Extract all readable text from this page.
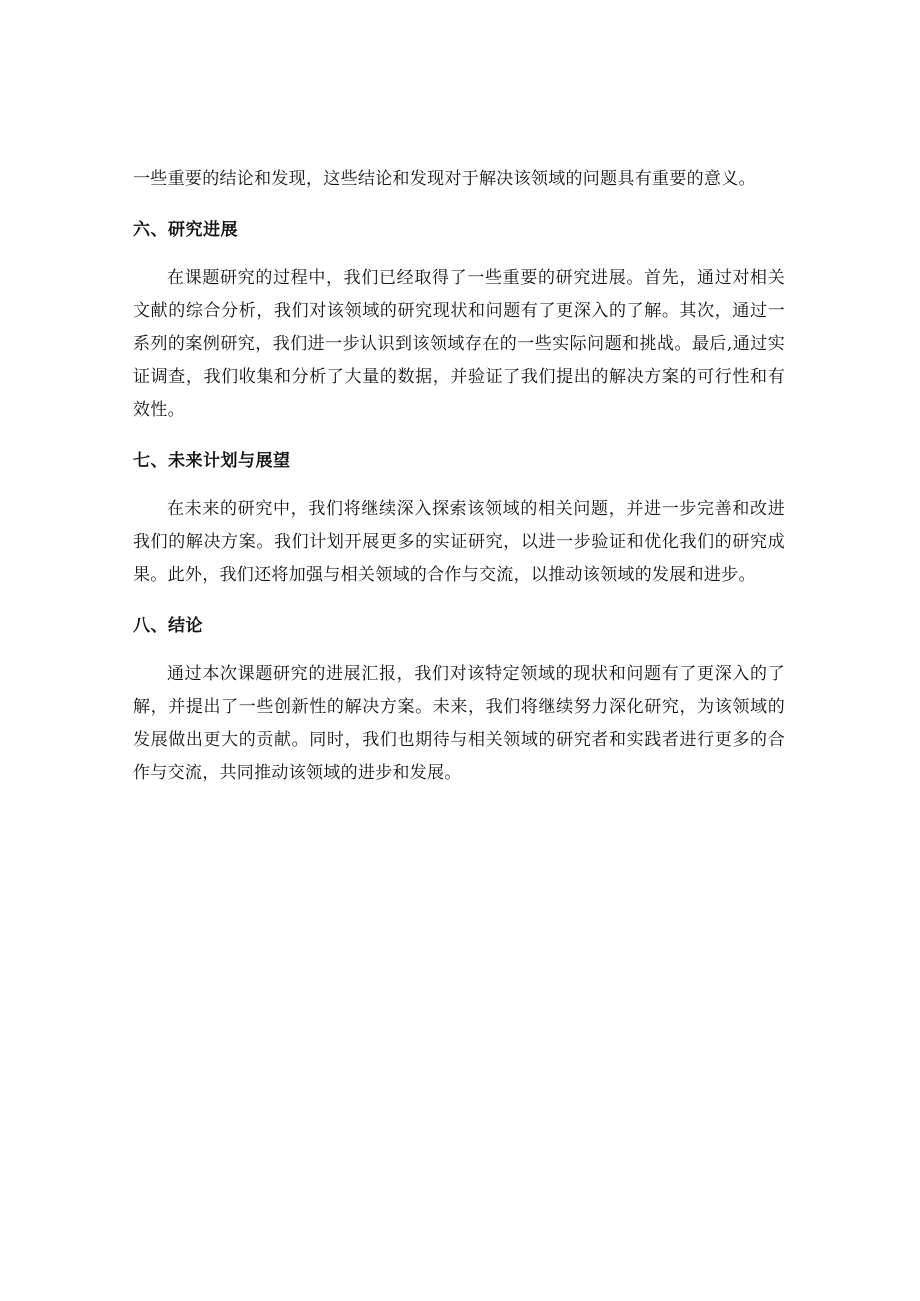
一些重要的结论和发现，这些结论和发现对于解决该领域的问题具有重要的意义。

六、研究进展

在课题研究的过程中，我们已经取得了一些重要的研究进展。首先，通过对相关文献的综合分析，我们对该领域的研究现状和问题有了更深入的了解。其次，通过一系列的案例研究，我们进一步认识到该领域存在的一些实际问题和挑战。最后,通过实证调查，我们收集和分析了大量的数据，并验证了我们提出的解决方案的可行性和有效性。

七、未来计划与展望

在未来的研究中，我们将继续深入探索该领域的相关问题，并进一步完善和改进我们的解决方案。我们计划开展更多的实证研究，以进一步验证和优化我们的研究成果。此外，我们还将加强与相关领域的合作与交流，以推动该领域的发展和进步。

八、结论

通过本次课题研究的进展汇报，我们对该特定领域的现状和问题有了更深入的了解，并提出了一些创新性的解决方案。未来，我们将继续努力深化研究，为该领域的发展做出更大的贡献。同时，我们也期待与相关领域的研究者和实践者进行更多的合作与交流，共同推动该领域的进步和发展。
